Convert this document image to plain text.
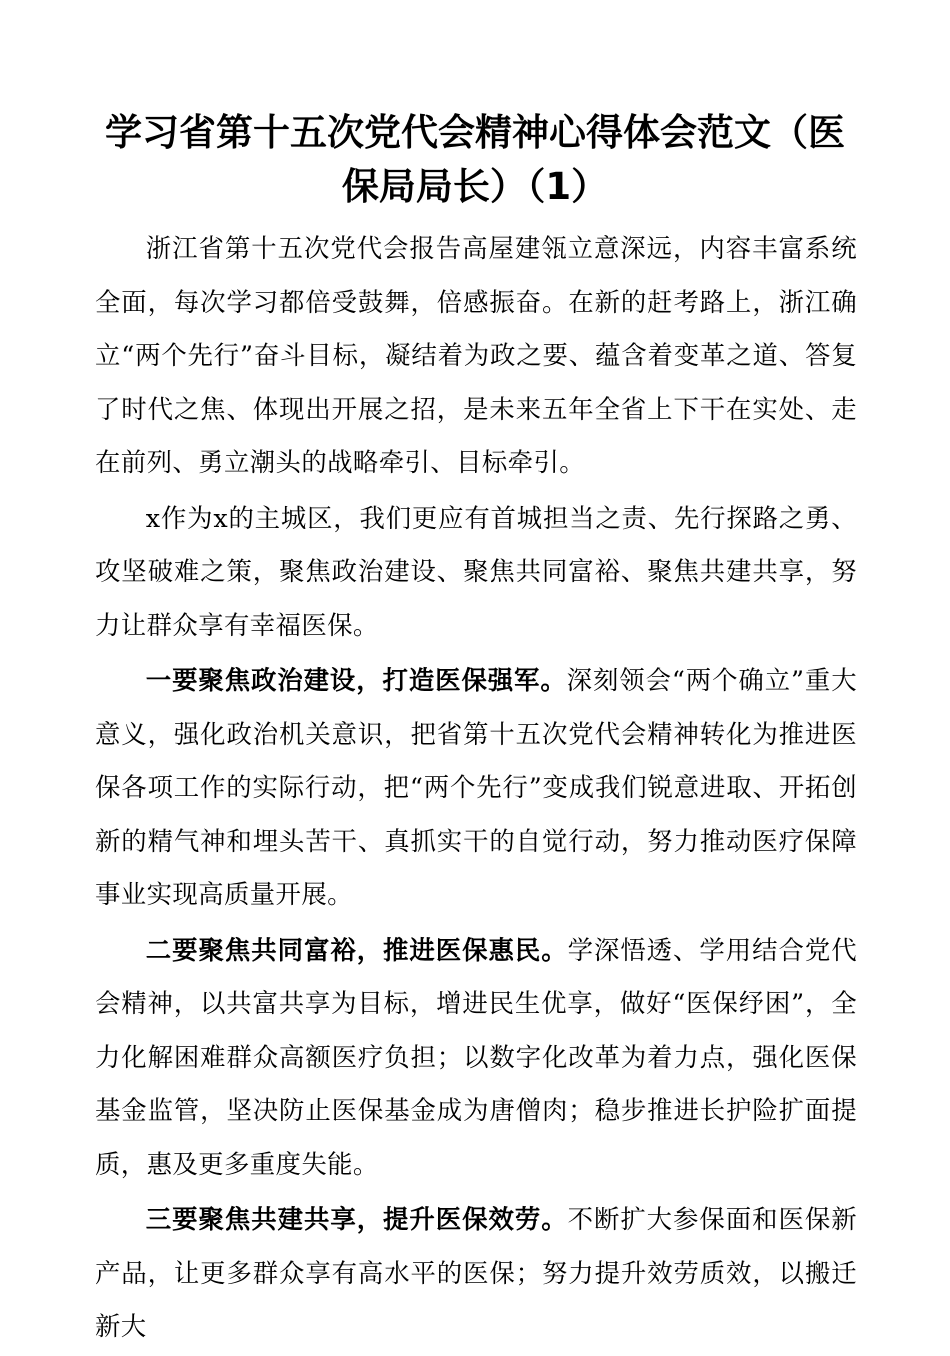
学习省第十五次党代会精神心得体会范文（医保局局长）（1）

浙江省第十五次党代会报告高屋建瓴立意深远，内容丰富系统全面，每次学习都倍受鼓舞，倍感振奋。在新的赶考路上，浙江确立“两个先行”奋斗目标，凝结着为政之要、蕴含着变革之道、答复了时代之焦、体现出开展之招，是未来五年全省上下干在实处、走在前列、勇立潮头的战略牵引、目标牵引。

x作为x的主城区，我们更应有首城担当之责、先行探路之勇、攻坚破难之策，聚焦政治建设、聚焦共同富裕、聚焦共建共享，努力让群众享有幸福医保。

一要聚焦政治建设，打造医保强军。深刻领会“两个确立”重大意义，强化政治机关意识，把省第十五次党代会精神转化为推进医保各项工作的实际行动，把“两个先行”变成我们锐意进取、开拓创新的精气神和埋头苦干、真抓实干的自觉行动，努力推动医疗保障事业实现高质量开展。

二要聚焦共同富裕，推进医保惠民。学深悟透、学用结合党代会精神，以共富共享为目标，增进民生优享，做好“医保纾困”，全力化解困难群众高额医疗负担；以数字化改革为着力点，强化医保基金监管，坚决防止医保基金成为唐僧肉；稳步推进长护险扩面提质，惠及更多重度失能。

三要聚焦共建共享，提升医保效劳。不断扩大参保面和医保新产品，让更多群众享有高水平的医保；努力提升效劳质效，以搬迁新大
